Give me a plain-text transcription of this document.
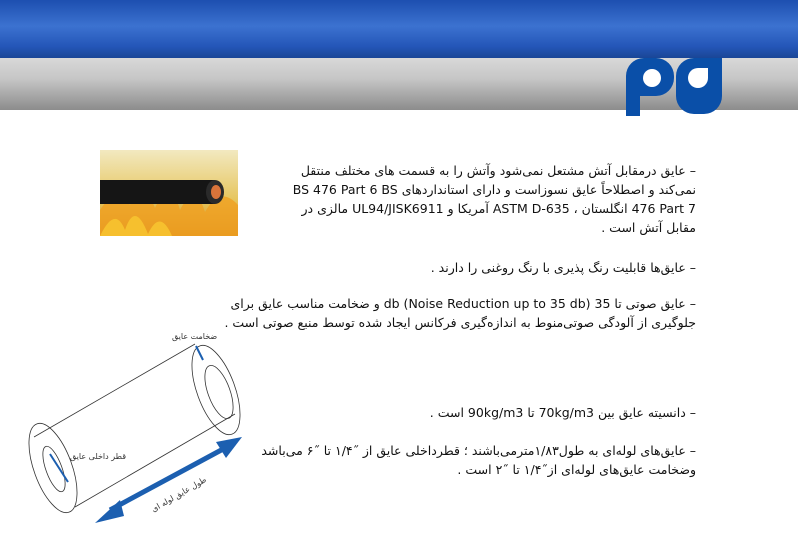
– عایق درمقابل آتش مشتعل نمی‌شود وآتش را به قسمت های مختلف منتقل نمی‌کند و اصطلاحاً عایق نسوزاست و دارای استانداردهای BS 476 Part 6 BS 476 Part 7 انگلستان ، ASTM D-635 آمریکا و UL94/JISK6911 مالزی در مقابل آتش است .
– عایق‌ها قابلیت رنگ پذیری با رنگ روغنی را دارند .
– عایق صوتی تا 35 db (Noise Reduction up to 35 db) و ضخامت مناسب عایق برای جلوگیری از آلودگی صوتی‌منوط به اندازه‌گیری فرکانس ایجاد شده توسط منبع صوتی است .
– دانسیته عایق بین 70kg/m3 تا 90kg/m3 است .
– عایق‌های لوله‌ای به طول۱/۸۳مترمی‌باشند ؛ قطرداخلی عایق از ˝۱/۴ تا ˝۶ می‌باشد وضخامت عایق‌های لوله‌ای از˝۱/۴ تا ˝۲ است .
ضخامت عایق
قطر داخلی عایق
طول عایق لوله ای
